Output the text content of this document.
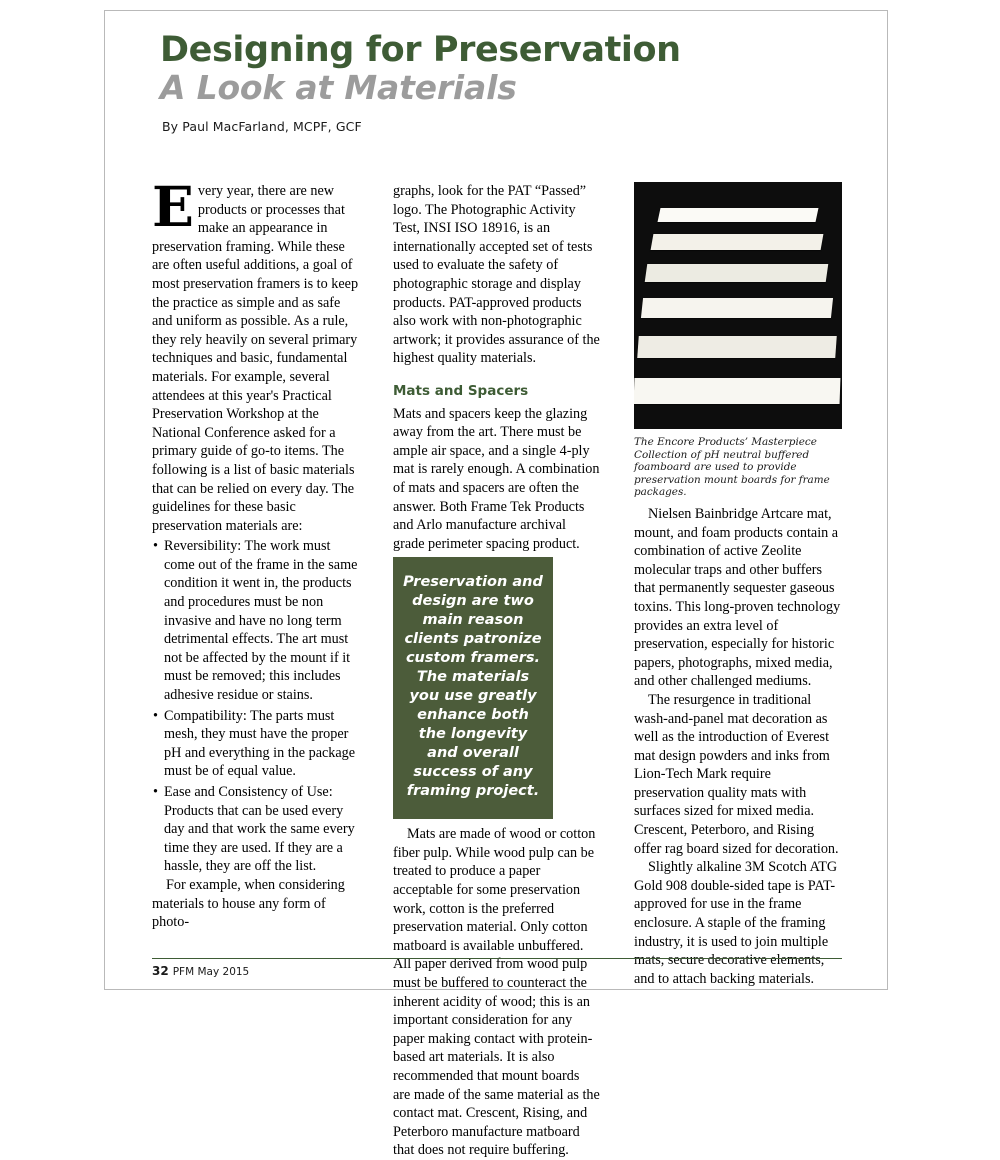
Designing for Preservation
A Look at Materials
By Paul MacFarland, MCPF, GCF

Every year, there are new products or processes that make an appearance in preservation framing. While these are often useful additions, a goal of most preservation framers is to keep the practice as simple and as safe and uniform as possible. As a rule, they rely heavily on several primary techniques and basic, fundamental materials. For example, several attendees at this year's Practical Preservation Workshop at the National Conference asked for a primary guide of go-to items. The following is a list of basic materials that can be relied on every day. The guidelines for these basic preservation materials are:

• Reversibility: The work must come out of the frame in the same condition it went in, the products and procedures must be non invasive and have no long term detrimental effects. The art must not be affected by the mount if it must be removed; this includes adhesive residue or stains.
• Compatibility: The parts must mesh, they must have the proper pH and everything in the package must be of equal value.
• Ease and Consistency of Use: Products that can be used every day and that work the same every time they are used. If they are a hassle, they are off the list.

For example, when considering materials to house any form of photo-

graphs, look for the PAT “Passed” logo. The Photographic Activity Test, INSI ISO 18916, is an internationally accepted set of tests used to evaluate the safety of photographic storage and display products. PAT-approved products also work with non-photographic artwork; it provides assurance of the highest quality materials.

Mats and Spacers

Mats and spacers keep the glazing away from the art. There must be ample air space, and a single 4-ply mat is rarely enough. A combination of mats and spacers are often the answer. Both Frame Tek Products and Arlo manufacture archival grade perimeter spacing product.

Preservation and design are two main reason clients patronize custom framers. The materials you use greatly enhance both the longevity and overall success of any framing project.

Mats are made of wood or cotton fiber pulp. While wood pulp can be treated to produce a paper acceptable for some preservation work, cotton is the preferred preservation material. Only cotton matboard is available unbuffered. All paper derived from wood pulp must be buffered to counteract the inherent acidity of wood; this is an important consideration for any paper making contact with protein-based art materials. It is also recommended that mount boards are made of the same material as the contact mat. Crescent, Rising, and Peterboro manufacture matboard that does not require buffering.

The Encore Products’ Masterpiece Collection of pH neutral buffered foamboard are used to provide preservation mount boards for frame packages.

Nielsen Bainbridge Artcare mat, mount, and foam products contain a combination of active Zeolite molecular traps and other buffers that permanently sequester gaseous toxins. This long-proven technology provides an extra level of preservation, especially for historic papers, photographs, mixed media, and other challenged mediums.

The resurgence in traditional wash-and-panel mat decoration as well as the introduction of Everest mat design powders and inks from Lion-Tech Mark require preservation quality mats with surfaces sized for mixed media. Crescent, Peterboro, and Rising offer rag board sized for decoration.

Slightly alkaline 3M Scotch ATG Gold 908 double-sided tape is PAT-approved for use in the frame enclosure. A staple of the framing industry, it is used to join multiple mats, secure decorative elements, and to attach backing materials.

32 PFM May 2015
